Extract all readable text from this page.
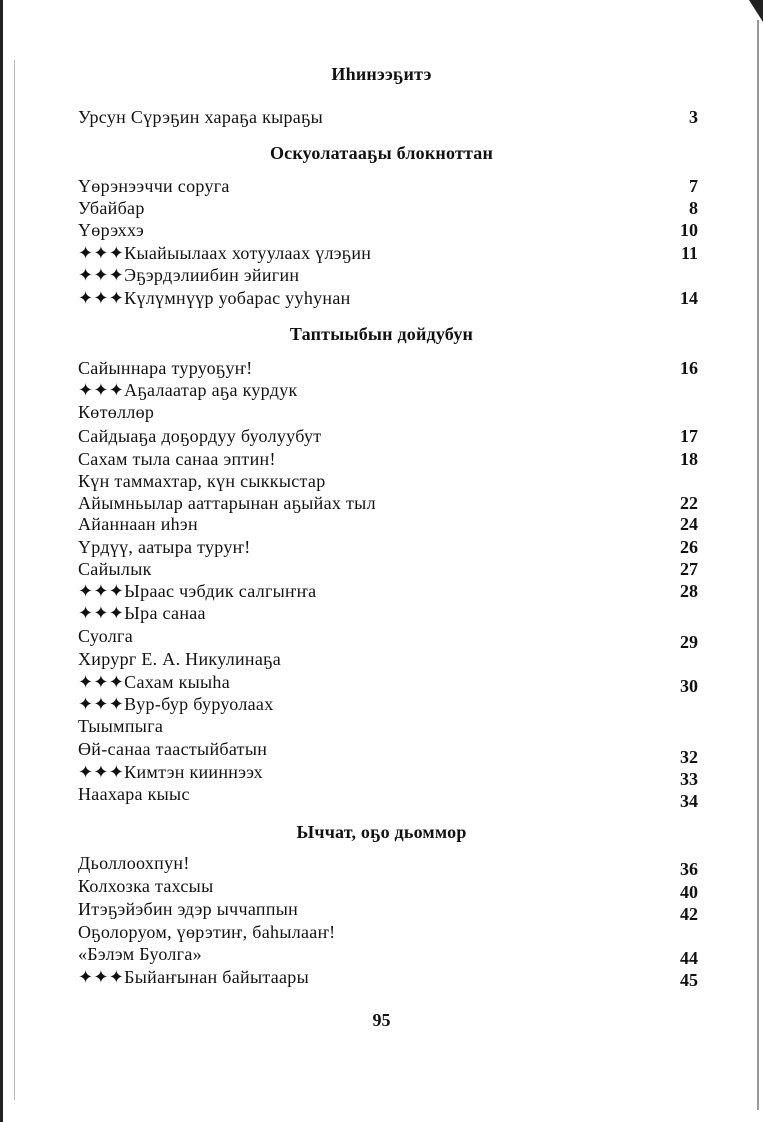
Иһинээҕитэ
Урсун Сүрэҕин хараҕа кыраҕы	3
Оскуолатааҕы блокноттан
Үөрэнээччи соруга	7
Убайбар	8
Үөрэххэ	10
✦✦✦Кыайыылаах хотуулаах үлэҕин	11
✦✦✦Эҕэрдэлиибин эйигин
✦✦✦Күлүмнүүр уобарас ууһунан	14
Таптыыбын дойдубун
Сайыннара туруоҕуҥ!	16
✦✦✦Аҕалаатар аҕа курдук
Көтөллөр
Сайдыаҕа доҕордуу буолуубут	17
Сахам тыла санаа эптин!	18
Күн таммахтар, күн сыккыстар
Айымньылар ааттарынан аҕыйах тыл	22
Айаннаан иһэн	24
Үрдүү, аатыра туруҥ!	26
Сайылык	27
✦✦✦Ыраас чэбдик салгыҥҥа	28
✦✦✦Ыра санаа
Суолга	29
Хирург Е. А. Никулинаҕа
✦✦✦Сахам кыыһа	30
✦✦✦Вур-бур буруолаах
Тыымпыга
Өй-санаа таастыйбатын	32
✦✦✦Кимтэн кииннээх	33
Наахара кыыс	34
Ыччат, оҕо дьоммор
Дьоллоохпун!	36
Колхозка тахсыы	40
Итэҕэйэбин эдэр ыччаппын	42
Оҕолоруом, үөрэтиҥ, баһылааҥ!
«Бэлэм Буолга»	44
✦✦✦Быйаҥынан байытаары	45
95
